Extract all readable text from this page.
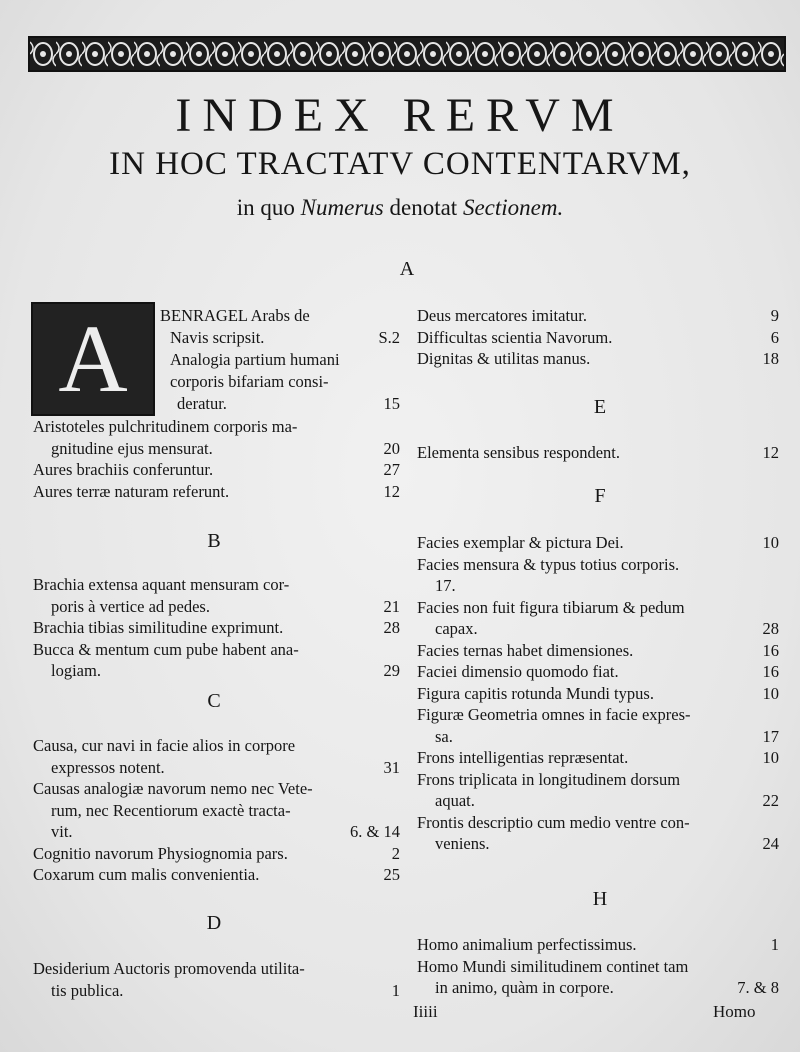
INDEX RERVM
IN HOC TRACTATV CONTENTARVM,
in quo Numerus denotat Sectionem.
A
A	BENRAGEL Arabs de
Navis scripsit.	S.2
Analogia partium humani
corporis bifariam consi-
deratur.	15
Aristoteles pulchritudinem corporis ma-
gnitudine ejus mensurat.	20
Aures brachiis conferuntur.	27
Aures terræ naturam referunt.	12
B
Brachia extensa aquant mensuram cor-
poris à vertice ad pedes.	21
Brachia tibias similitudine exprimunt.	28
Bucca & mentum cum pube habent ana-
logiam.	29
C
Causa, cur navi in facie alios in corpore
expressos notent.	31
Causas analogiæ navorum nemo nec Vete-
rum, nec Recentiorum exactè tracta-
vit.	6. & 14
Cognitio navorum Physiognomia pars.	2
Coxarum cum malis convenientia.	25
D
Desiderium Auctoris promovenda utilita-
tis publica.	1
Deus mercatores imitatur.	9
Difficultas scientia Navorum.	6
Dignitas & utilitas manus.	18
E
Elementa sensibus respondent.	12
F
Facies exemplar & pictura Dei.	10
Facies mensura & typus totius corporis.
17.
Facies non fuit figura tibiarum & pedum
capax.	28
Facies ternas habet dimensiones.	16
Faciei dimensio quomodo fiat.	16
Figura capitis rotunda Mundi typus.	10
Figuræ Geometria omnes in facie expres-
sa.	17
Frons intelligentias repræsentat.	10
Frons triplicata in longitudinem dorsum
aquat.	22
Frontis descriptio cum medio ventre con-
veniens.	24
H
Homo animalium perfectissimus.	1
Homo Mundi similitudinem continet tam
in animo, quàm in corpore.	7. & 8
Iiiii	Homo
